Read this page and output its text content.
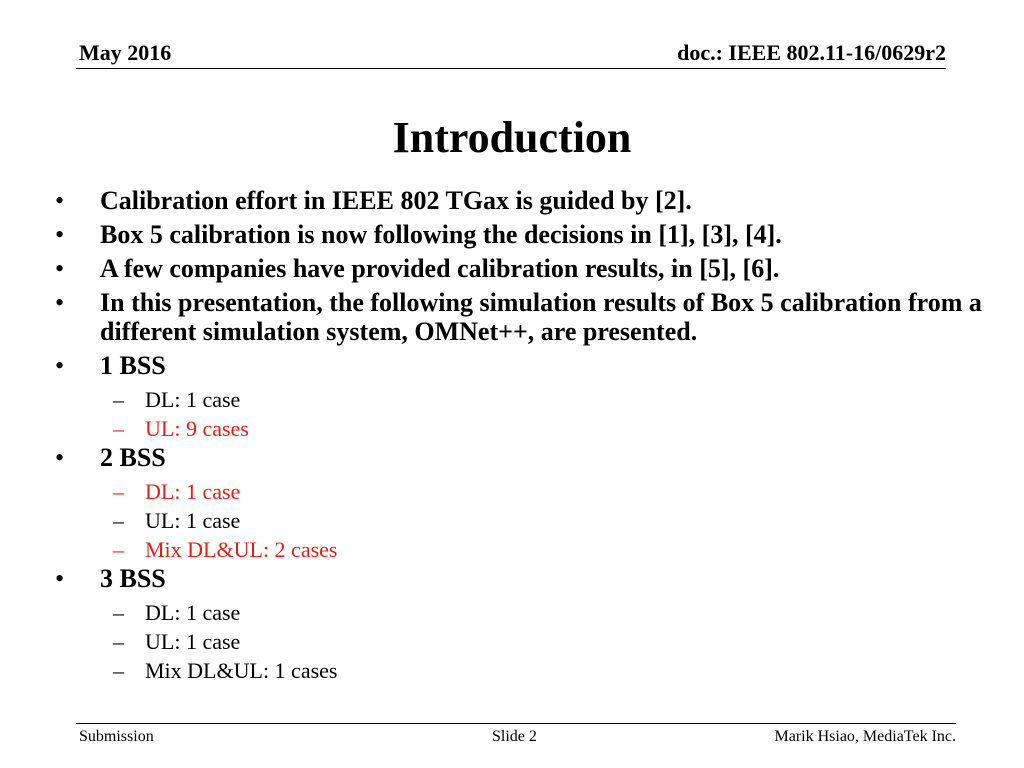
May 2016	doc.: IEEE 802.11-16/0629r2
Introduction
• Calibration effort in IEEE 802 TGax is guided by [2].
• Box 5 calibration is now following the decisions in [1], [3], [4].
• A few companies have provided calibration results, in [5], [6].
• In this presentation, the following simulation results of Box 5 calibration from a different simulation system, OMNet++, are presented.
• 1 BSS
– DL: 1 case
– UL: 9 cases
• 2 BSS
– DL: 1 case
– UL: 1 case
– Mix DL&UL: 2 cases
• 3 BSS
– DL: 1 case
– UL: 1 case
– Mix DL&UL: 1 cases
Submission	Slide 2	Marik Hsiao, MediaTek Inc.
